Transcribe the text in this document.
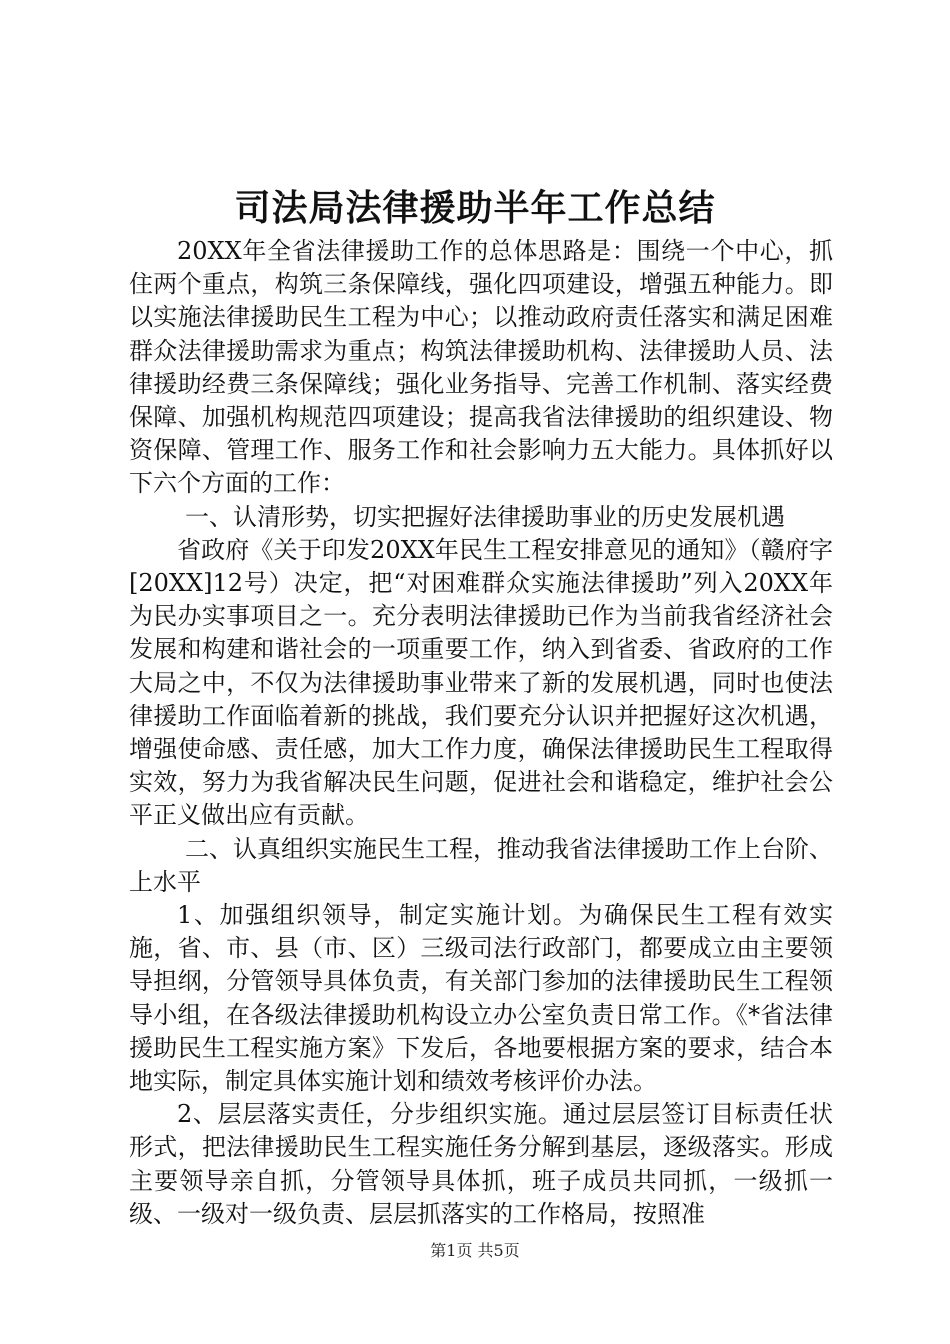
司法局法律援助半年工作总结

20XX年全省法律援助工作的总体思路是：围绕一个中心，抓住两个重点，构筑三条保障线，强化四项建设，增强五种能力。即以实施法律援助民生工程为中心；以推动政府责任落实和满足困难群众法律援助需求为重点；构筑法律援助机构、法律援助人员、法律援助经费三条保障线；强化业务指导、完善工作机制、落实经费保障、加强机构规范四项建设；提高我省法律援助的组织建设、物资保障、管理工作、服务工作和社会影响力五大能力。具体抓好以下六个方面的工作：

一、认清形势，切实把握好法律援助事业的历史发展机遇

省政府《关于印发20XX年民生工程安排意见的通知》（赣府字[20XX]12号）决定，把“对困难群众实施法律援助”列入20XX年为民办实事项目之一。充分表明法律援助已作为当前我省经济社会发展和构建和谐社会的一项重要工作，纳入到省委、省政府的工作大局之中，不仅为法律援助事业带来了新的发展机遇，同时也使法律援助工作面临着新的挑战，我们要充分认识并把握好这次机遇，增强使命感、责任感，加大工作力度，确保法律援助民生工程取得实效，努力为我省解决民生问题，促进社会和谐稳定，维护社会公平正义做出应有贡献。

二、认真组织实施民生工程，推动我省法律援助工作上台阶、上水平

1、加强组织领导，制定实施计划。为确保民生工程有效实施，省、市、县（市、区）三级司法行政部门，都要成立由主要领导担纲，分管领导具体负责，有关部门参加的法律援助民生工程领导小组，在各级法律援助机构设立办公室负责日常工作。《*省法律援助民生工程实施方案》下发后，各地要根据方案的要求，结合本地实际，制定具体实施计划和绩效考核评价办法。

2、层层落实责任，分步组织实施。通过层层签订目标责任状形式，把法律援助民生工程实施任务分解到基层，逐级落实。形成主要领导亲自抓，分管领导具体抓，班子成员共同抓，一级抓一级、一级对一级负责、层层抓落实的工作格局，按照准

第1页 共5页
